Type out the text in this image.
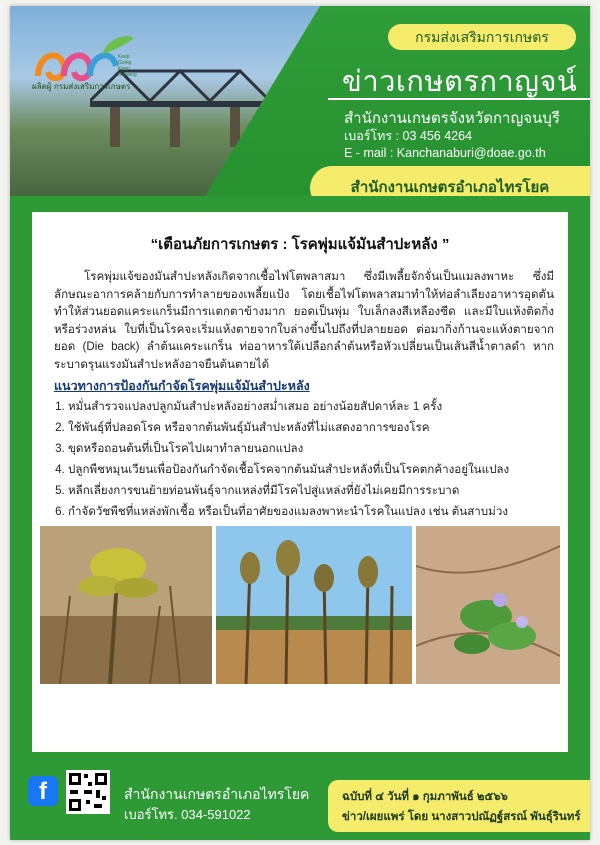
Keep
Going
Keep
Growing
ผลิตผู้ กรมส่งเสริมการเกษตร
กรมส่งเสริมการเกษตร
ข่าวเกษตรกาญจน์
สำนักงานเกษตรจังหวัดกาญจนบุรี
เบอร์โทร : 03 456 4264
E - mail : Kanchanaburi@doae.go.th
สำนักงานเกษตรอำเภอไทรโยค
“เตือนภัยการเกษตร : โรคพุ่มแจ้มันสำปะหลัง ”
โรคพุ่มแจ้ของมันสำปะหลังเกิดจากเชื้อไฟโตพลาสมา ซึ่งมีเพลี้ยจักจั่นเป็นแมลงพาหะ ซึ่งมีลักษณะอาการคล้ายกับการทำลายของเพลี้ยแป้ง โดยเชื้อไฟโตพลาสมาทำให้ท่อลำเลียงอาหารอุดตันทำให้ส่วนยอดแคระแกร็นมีการแตกตาข้างมาก ยอดเป็นพุ่ม ใบเล็กลงสีเหลืองซีด และมีใบแห้งติดกิ่งหรือร่วงหล่น ใบที่เป็นโรคจะเริ่มแห้งตายจากใบล่างขึ้นไปถึงที่ปลายยอด ต่อมากิ่งก้านจะแห้งตายจากยอด (Die back) ลำต้นแคระแกร็น ท่ออาหารใต้เปลือกลำต้นหรือหัวเปลี่ยนเป็นเส้นสีน้ำตาลดำ หากระบาดรุนแรงมันสำปะหลังอาจยืนต้นตายได้
แนวทางการป้องกันกำจัดโรคพุ่มแจ้มันสำปะหลัง
1. หมั่นสำรวจแปลงปลูกมันสำปะหลังอย่างสม่ำเสมอ อย่างน้อยสัปดาห์ละ 1 ครั้ง
2. ใช้พันธุ์ที่ปลอดโรค หรือจากต้นพันธุ์มันสำปะหลังที่ไม่แสดงอาการของโรค
3. ขุดหรือถอนต้นที่เป็นโรคไปเผาทำลายนอกแปลง
4. ปลูกพืชหมุนเวียนเพื่อป้องกันกำจัดเชื้อโรคจากต้นมันสำปะหลังที่เป็นโรคตกค้างอยู่ในแปลง
5. หลีกเลี่ยงการขนย้ายท่อนพันธุ์จากแหล่งที่มีโรคไปสู่แหล่งที่ยังไม่เคยมีการระบาด
6. กำจัดวัชพืชที่แหล่งพักเชื้อ หรือเป็นที่อาศัยของแมลงพาหะนำโรคในแปลง เช่น ต้นสาบม่วง
f	สำนักงานเกษตรอำเภอไทรโยค
เบอร์โทร. 034-591022
ฉบับที่ ๔ วันที่ ๑ กุมภาพันธ์ ๒๕๖๖
ข่าว/เผยแพร่ โดย นางสาวปณัฏฐ์สรณ์ พันธุ์รินทร์
